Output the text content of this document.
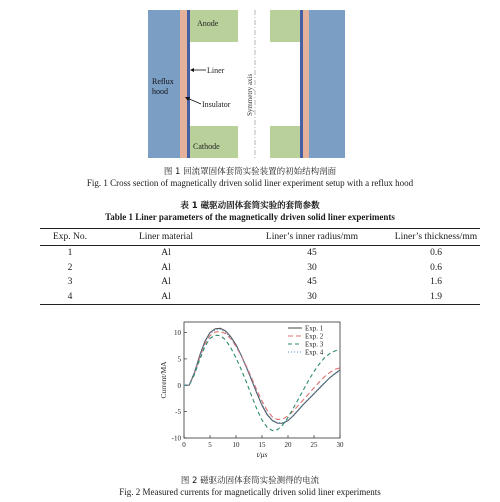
Symmetry axis
Anode
Liner
Reflux
hood
Insulator
Cathode
图 1 回流罩固体套筒实验装置的初始结构剖面
Fig. 1 Cross section of magnetically driven solid liner experiment setup with a reflux hood
表 1 磁驱动固体套筒实验的套筒参数
Table 1 Liner parameters of the magnetically driven solid liner experiments
Exp. No.	Liner material	Liner’s inner radius/mm	Liner’s thickness/mm
1	Al	45	0.6
2	Al	30	0.6
3	Al	45	1.6
4	Al	30	1.9
0	5	10	15	20	25	30
-10
-5
0
5
10
t/μs
Current/MA
Exp. 1
Exp. 2
Exp. 3
Exp. 4
图 2 磁驱动固体套筒实验测得的电流
Fig. 2 Measured currents for magnetically driven solid liner experiments
